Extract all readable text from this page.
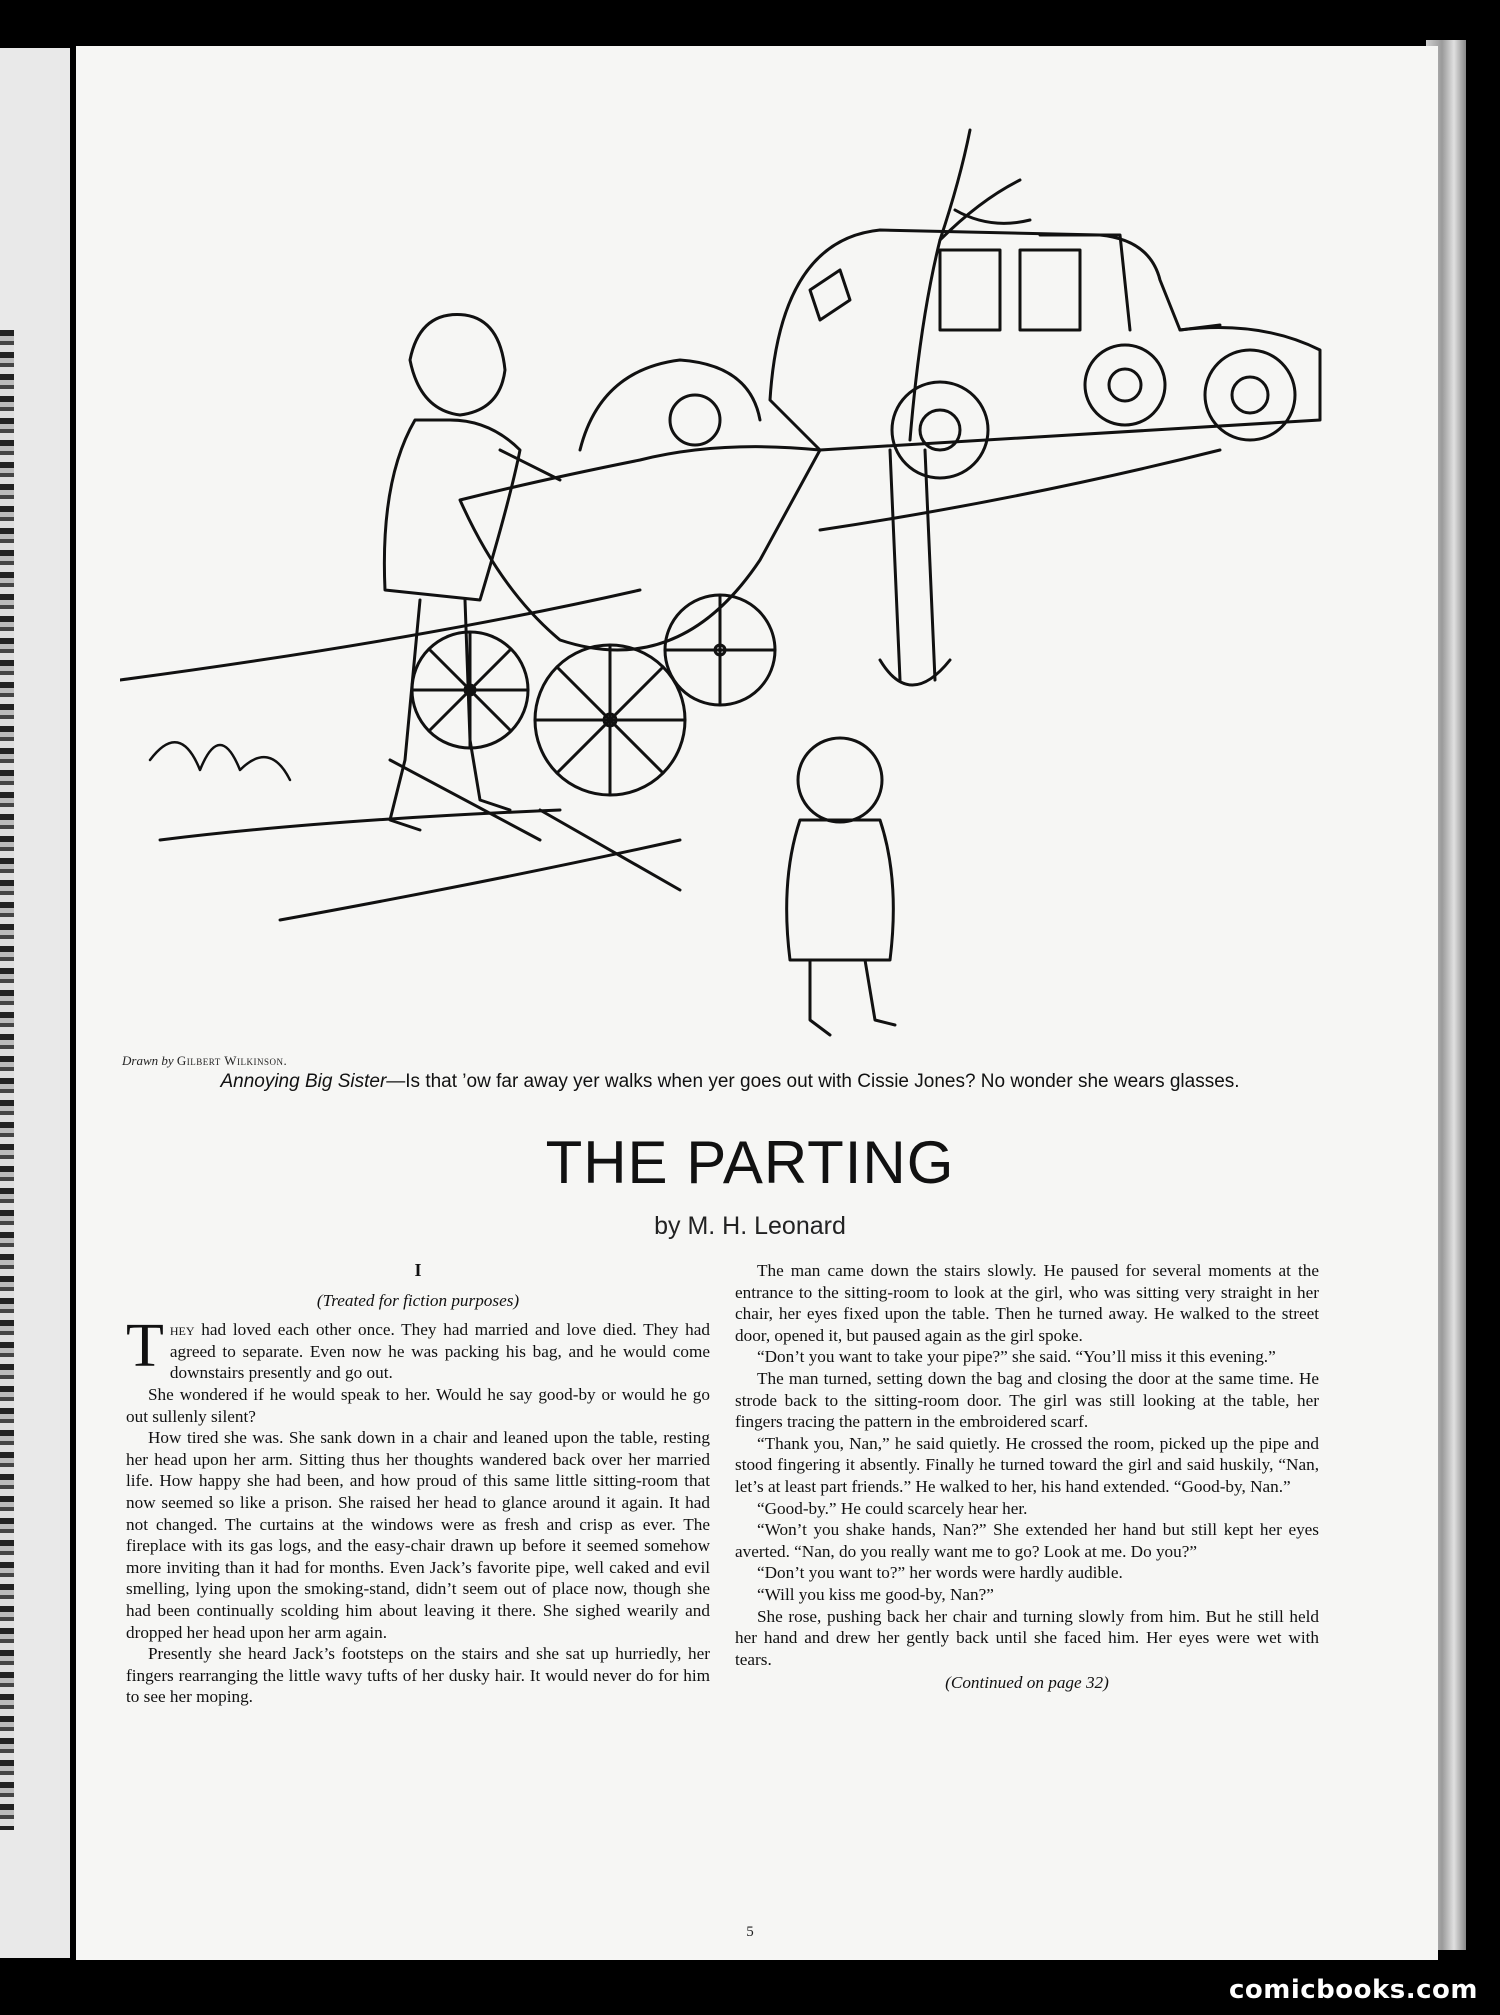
Drawn by Gilbert Wilkinson.
Annoying Big Sister—Is that ’ow far away yer walks when yer goes out with Cissie Jones? No wonder she wears glasses.
THE PARTING
by M. H. Leonard
I
(Treated for fiction purposes)

They had loved each other once. They had married and love died. They had agreed to separate. Even now he was packing his bag, and he would come downstairs presently and go out.

She wondered if he would speak to her. Would he say good-by or would he go out sullenly silent?

How tired she was. She sank down in a chair and leaned upon the table, resting her head upon her arm. Sitting thus her thoughts wandered back over her married life. How happy she had been, and how proud of this same little sitting-room that now seemed so like a prison. She raised her head to glance around it again. It had not changed. The curtains at the windows were as fresh and crisp as ever. The fireplace with its gas logs, and the easy-chair drawn up before it seemed somehow more inviting than it had for months. Even Jack’s favorite pipe, well caked and evil smelling, lying upon the smoking-stand, didn’t seem out of place now, though she had been continually scolding him about leaving it there. She sighed wearily and dropped her head upon her arm again.

Presently she heard Jack’s footsteps on the stairs and she sat up hurriedly, her fingers rearranging the little wavy tufts of her dusky hair. It would never do for him to see her moping.

The man came down the stairs slowly. He paused for several moments at the entrance to the sitting-room to look at the girl, who was sitting very straight in her chair, her eyes fixed upon the table. Then he turned away. He walked to the street door, opened it, but paused again as the girl spoke.

“Don’t you want to take your pipe?” she said. “You’ll miss it this evening.”

The man turned, setting down the bag and closing the door at the same time. He strode back to the sitting-room door. The girl was still looking at the table, her fingers tracing the pattern in the embroidered scarf.

“Thank you, Nan,” he said quietly. He crossed the room, picked up the pipe and stood fingering it absently. Finally he turned toward the girl and said huskily, “Nan, let’s at least part friends.” He walked to her, his hand extended. “Good-by, Nan.”

“Good-by.” He could scarcely hear her.

“Won’t you shake hands, Nan?” She extended her hand but still kept her eyes averted. “Nan, do you really want me to go? Look at me. Do you?”

“Don’t you want to?” her words were hardly audible.

“Will you kiss me good-by, Nan?”

She rose, pushing back her chair and turning slowly from him. But he still held her hand and drew her gently back until she faced him. Her eyes were wet with tears.

(Continued on page 32)
5
comicbooks.com
